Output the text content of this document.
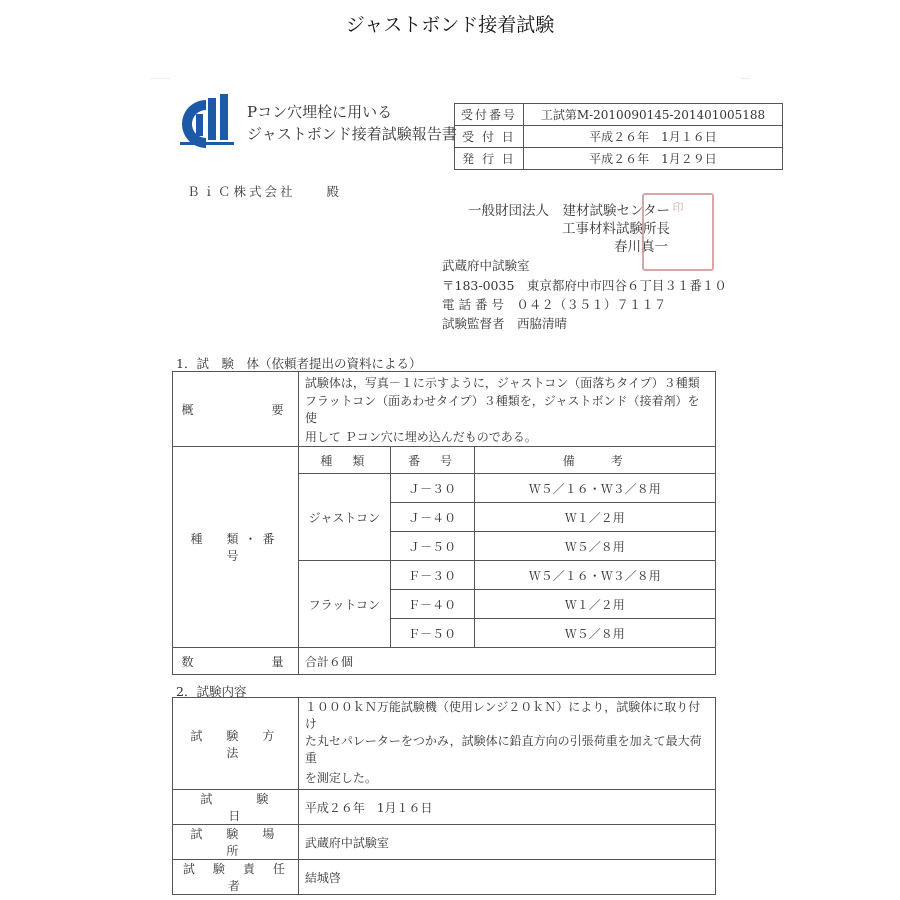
ジャストボンド接着試験
Pコン穴埋栓に用いる
ジャストボンド接着試験報告書
受付番号	工試第M-2010090145-201401005188
受 付 日	平成２６年　1月１６日
発 行 日	平成２６年　1月２９日
ＢｉＣ株式会社　　殿
一般財団法人　建材試験センター
工事材料試験所長
春川真一
印
武蔵府中試験室
〒183-0035　東京都府中市四谷６丁目３１番１０
電 話 番 号　０４２（３５１）７１１７
試験監督者　西脇清晴
1．試　験　体（依頼者提出の資料による）
概　　　　要	試験体は，写真－１に示すように，ジャストコン（面落ちタイプ）３種類		
	フラットコン（面あわせタイプ）３種類を，ジャストボンド（接着剤）を使		
	用して Ｐコン穴に埋め込んだものである。		
種　類・番　号	種　類	番　号	備　　考
	ジャストコン	Ｊ－３０	Ｗ５／１６・Ｗ３／８用
		Ｊ－４０	Ｗ１／２用
		Ｊ－５０	Ｗ５／８用
	フラットコン	Ｆ－３０	Ｗ５／１６・Ｗ３／８用
		Ｆ－４０	Ｗ１／２用
		Ｆ－５０	Ｗ５／８用
数　　　　量	合計６個		
2．試験内容
試　験　方　法	１０００ｋＮ万能試験機（使用レンジ２０ｋＮ）により，試験体に取り付け
	た丸セパレーターをつかみ，試験体に鉛直方向の引張荷重を加えて最大荷重
	を測定した。
試　　　験　　　日	平成２６年　1月１６日
試　験　場　所	武蔵府中試験室
試　験　責　任　者	結城啓
